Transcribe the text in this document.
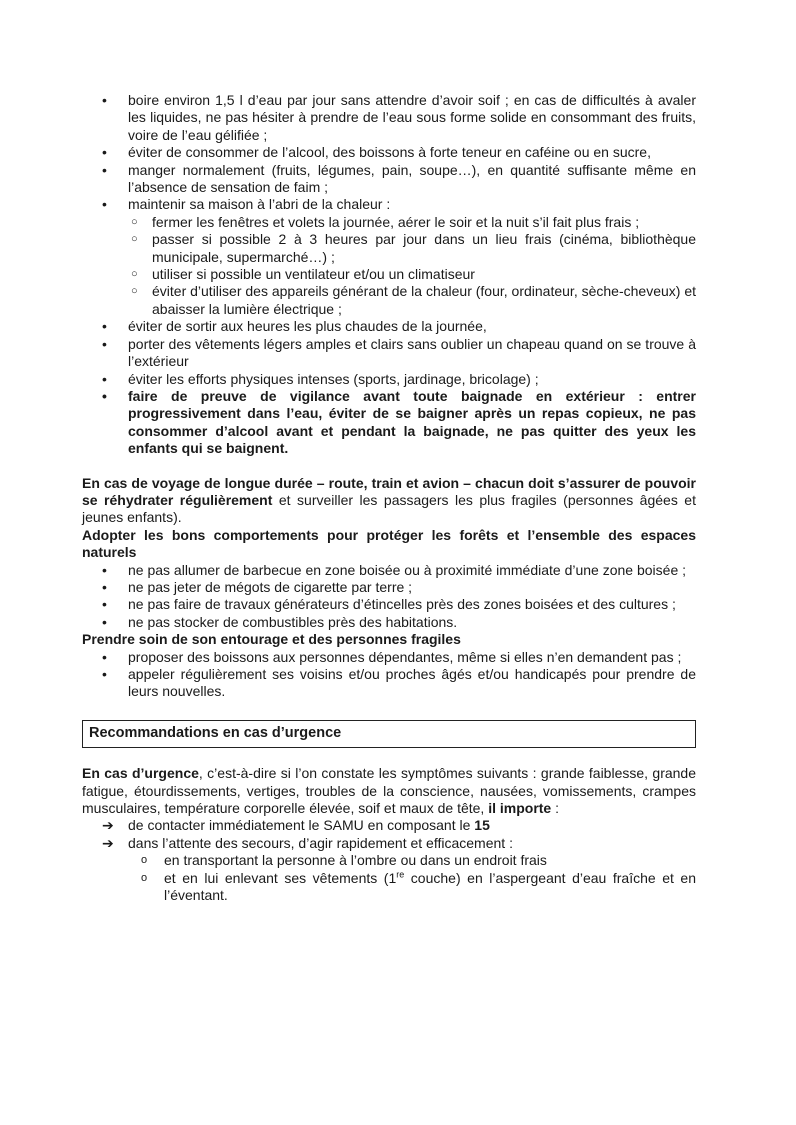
• boire environ 1,5 l d’eau par jour sans attendre d’avoir soif ; en cas de difficultés à avaler les liquides, ne pas hésiter à prendre de l’eau sous forme solide en consommant des fruits, voire de l’eau gélifiée ;
• éviter de consommer de l’alcool, des boissons à forte teneur en caféine ou en sucre,
• manger normalement (fruits, légumes, pain, soupe…), en quantité suffisante même en l’absence de sensation de faim ;
• maintenir sa maison à l’abri de la chaleur :
○ fermer les fenêtres et volets la journée, aérer le soir et la nuit s’il fait plus frais ;
○ passer si possible 2 à 3 heures par jour dans un lieu frais (cinéma, bibliothèque municipale, supermarché…) ;
○ utiliser si possible un ventilateur et/ou un climatiseur
○ éviter d’utiliser des appareils générant de la chaleur (four, ordinateur, sèche-cheveux) et abaisser la lumière électrique ;
• éviter de sortir aux heures les plus chaudes de la journée,
• porter des vêtements légers amples et clairs sans oublier un chapeau quand on se trouve à l’extérieur
• éviter les efforts physiques intenses (sports, jardinage, bricolage) ;
• faire de preuve de vigilance avant toute baignade en extérieur : entrer progressivement dans l’eau, éviter de se baigner après un repas copieux, ne pas consommer d’alcool avant et pendant la baignade, ne pas quitter des yeux les enfants qui se baignent.

En cas de voyage de longue durée – route, train et avion – chacun doit s’assurer de pouvoir se réhydrater régulièrement et surveiller les passagers les plus fragiles (personnes âgées et jeunes enfants).

Adopter les bons comportements pour protéger les forêts et l’ensemble des espaces naturels

• ne pas allumer de barbecue en zone boisée ou à proximité immédiate d’une zone boisée ;
• ne pas jeter de mégots de cigarette par terre ;
• ne pas faire de travaux générateurs d’étincelles près des zones boisées et des cultures ;
• ne pas stocker de combustibles près des habitations.

Prendre soin de son entourage et des personnes fragiles

• proposer des boissons aux personnes dépendantes, même si elles n’en demandent pas ;
• appeler régulièrement ses voisins et/ou proches âgés et/ou handicapés pour prendre de leurs nouvelles.
Recommandations en cas d’urgence

En cas d’urgence, c’est-à-dire si l’on constate les symptômes suivants : grande faiblesse, grande fatigue, étourdissements, vertiges, troubles de la conscience, nausées, vomissements, crampes musculaires, température corporelle élevée, soif et maux de tête, il importe :

➔ de contacter immédiatement le SAMU en composant le 15
➔ dans l’attente des secours, d’agir rapidement et efficacement :
o en transportant la personne à l’ombre ou dans un endroit frais
o et en lui enlevant ses vêtements (1re couche) en l’aspergeant d’eau fraîche et en l’éventant.
